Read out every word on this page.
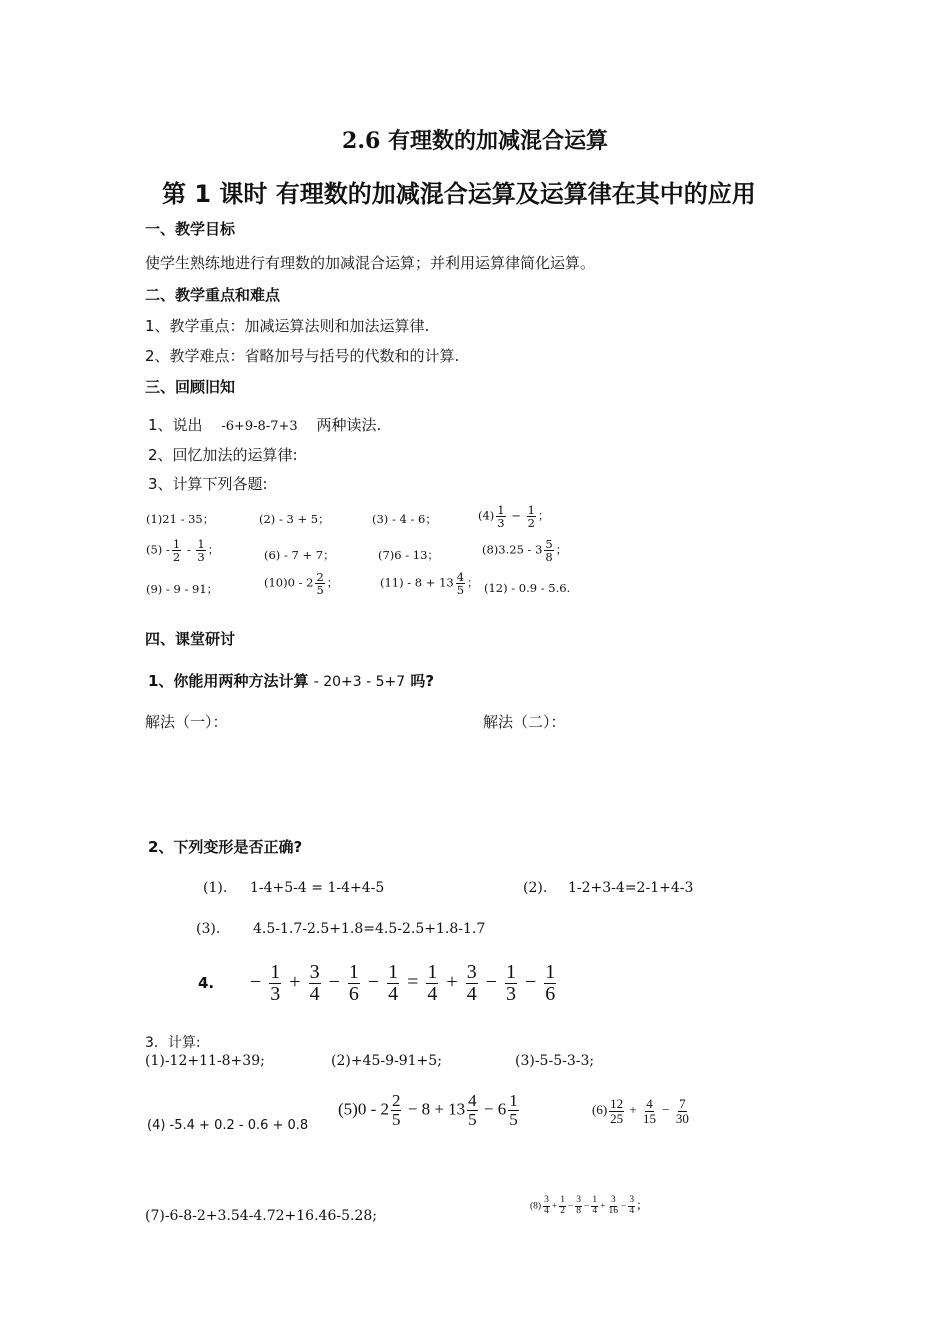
2.6 有理数的加减混合运算
第 1 课时 有理数的加减混合运算及运算律在其中的应用
一、教学目标
使学生熟练地进行有理数的加减混合运算；并利用运算律简化运算。
二、教学重点和难点
1、教学重点：加减运算法则和加法运算律.
2、教学难点：省略加号与括号的代数和的计算.
三、回顾旧知
1、说出 -6+9-8-7+3 两种读法.
2、回忆加法的运算律:
3、计算下列各题:
(1)21 - 35；	(2) - 3 + 5；	(3) - 4 - 6；	$(4) \frac{1}{3} - \frac{1}{2}$ ；
$(5) - \frac{1}{2} - \frac{1}{3}$ ；	(6) - 7 + 7；	(7)6 - 13；	$(8)3.25 - 3 \frac{5}{8}$ ；
(9) - 9 - 91；	$(10)0 - 2 \frac{2}{5}$ ；	$(11) - 8 + 13 \frac{4}{5}$ ； (12) - 0.9 - 5.6.
四、课堂研讨
1、你能用两种方法计算 - 20+3 - 5+7 吗?
解法（一）：	解法（二）：
2、下列变形是否正确?
(1). 1-4+5-4 = 1-4+4-5	(2). 1-2+3-4=2-1+4-3
(3). 4.5-1.7-2.5+1.8=4.5-2.5+1.8-1.7
4. − $\frac{1}{3} + \frac{3}{4} - \frac{1}{6} - \frac{1}{4} = \frac{1}{4} + \frac{3}{4} - \frac{1}{3} - \frac{1}{6}$
3．计算:
(1)-12+11-8+39;	(2)+45-9-91+5;	(3)-5-5-3-3;
(4) -5.4 + 0.2 - 0.6 + 0.8
$(5)0 - 2 \frac{2}{5} - 8 + 13 \frac{4}{5} - 6 \frac{1}{5}$	$(6) \frac{12}{25} + \frac{4}{15} - \frac{7}{30}$
(7)-6-8-2+3.54-4.72+16.46-5.28;
$(8) \frac{3}{4} + \frac{1}{2} - \frac{3}{8} - \frac{1}{4} + \frac{3}{16} - \frac{3}{4}$ ;
